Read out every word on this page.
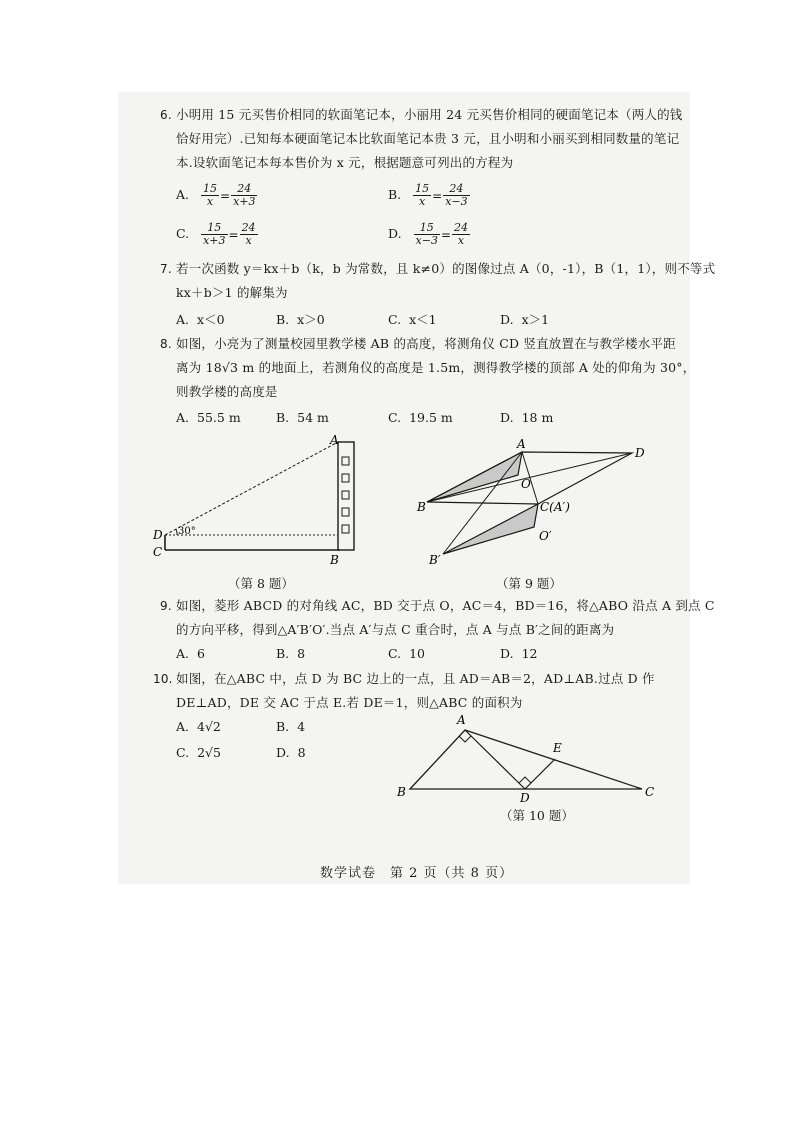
6. 小明用 15 元买售价相同的软面笔记本，小丽用 24 元买售价相同的硬面笔记本（两人的钱
恰好用完）.已知每本硬面笔记本比软面笔记本贵 3 元，且小明和小丽买到相同数量的笔记
本.设软面笔记本每本售价为 x 元，根据题意可列出的方程为
A. $\frac{15}{x} = \frac{24}{x+3}$	B. $\frac{15}{x} = \frac{24}{x-3}$
C. $\frac{15}{x+3} = \frac{24}{x}$	D. $\frac{15}{x-3} = \frac{24}{x}$
7. 若一次函数 y＝kx＋b（k，b 为常数，且 k≠0）的图像过点 A（0，-1），B（1，1），则不等式
kx＋b＞1 的解集为
A. x＜0	B. x＞0	C. x＜1	D. x＞1
8. 如图，小亮为了测量校园里教学楼 AB 的高度，将测角仪 CD 竖直放置在与教学楼水平距
离为 18√3 m 的地面上，若测角仪的高度是 1.5m，测得教学楼的顶部 A 处的仰角为 30°，
则教学楼的高度是
A. 55.5 m	B. 54 m	C. 19.5 m	D. 18 m
A
B
C
D 30°
（第 8 题）
A
D
B
O
C(A′)
B′
O′
（第 9 题）
9. 如图，菱形 ABCD 的对角线 AC，BD 交于点 O，AC＝4，BD＝16，将△ABO 沿点 A 到点 C
的方向平移，得到△A′B′O′.当点 A′与点 C 重合时，点 A 与点 B′之间的距离为
A. 6	B. 8	C. 10	D. 12
10. 如图，在△ABC 中，点 D 为 BC 边上的一点，且 AD＝AB＝2，AD⊥AB.过点 D 作
DE⊥AD，DE 交 AC 于点 E.若 DE＝1，则△ABC 的面积为
A. 4√2	B. 4
C. 2√5	D. 8
A
B	C
D
E
（第 10 题）
数学试卷　第 2 页（共 8 页）
